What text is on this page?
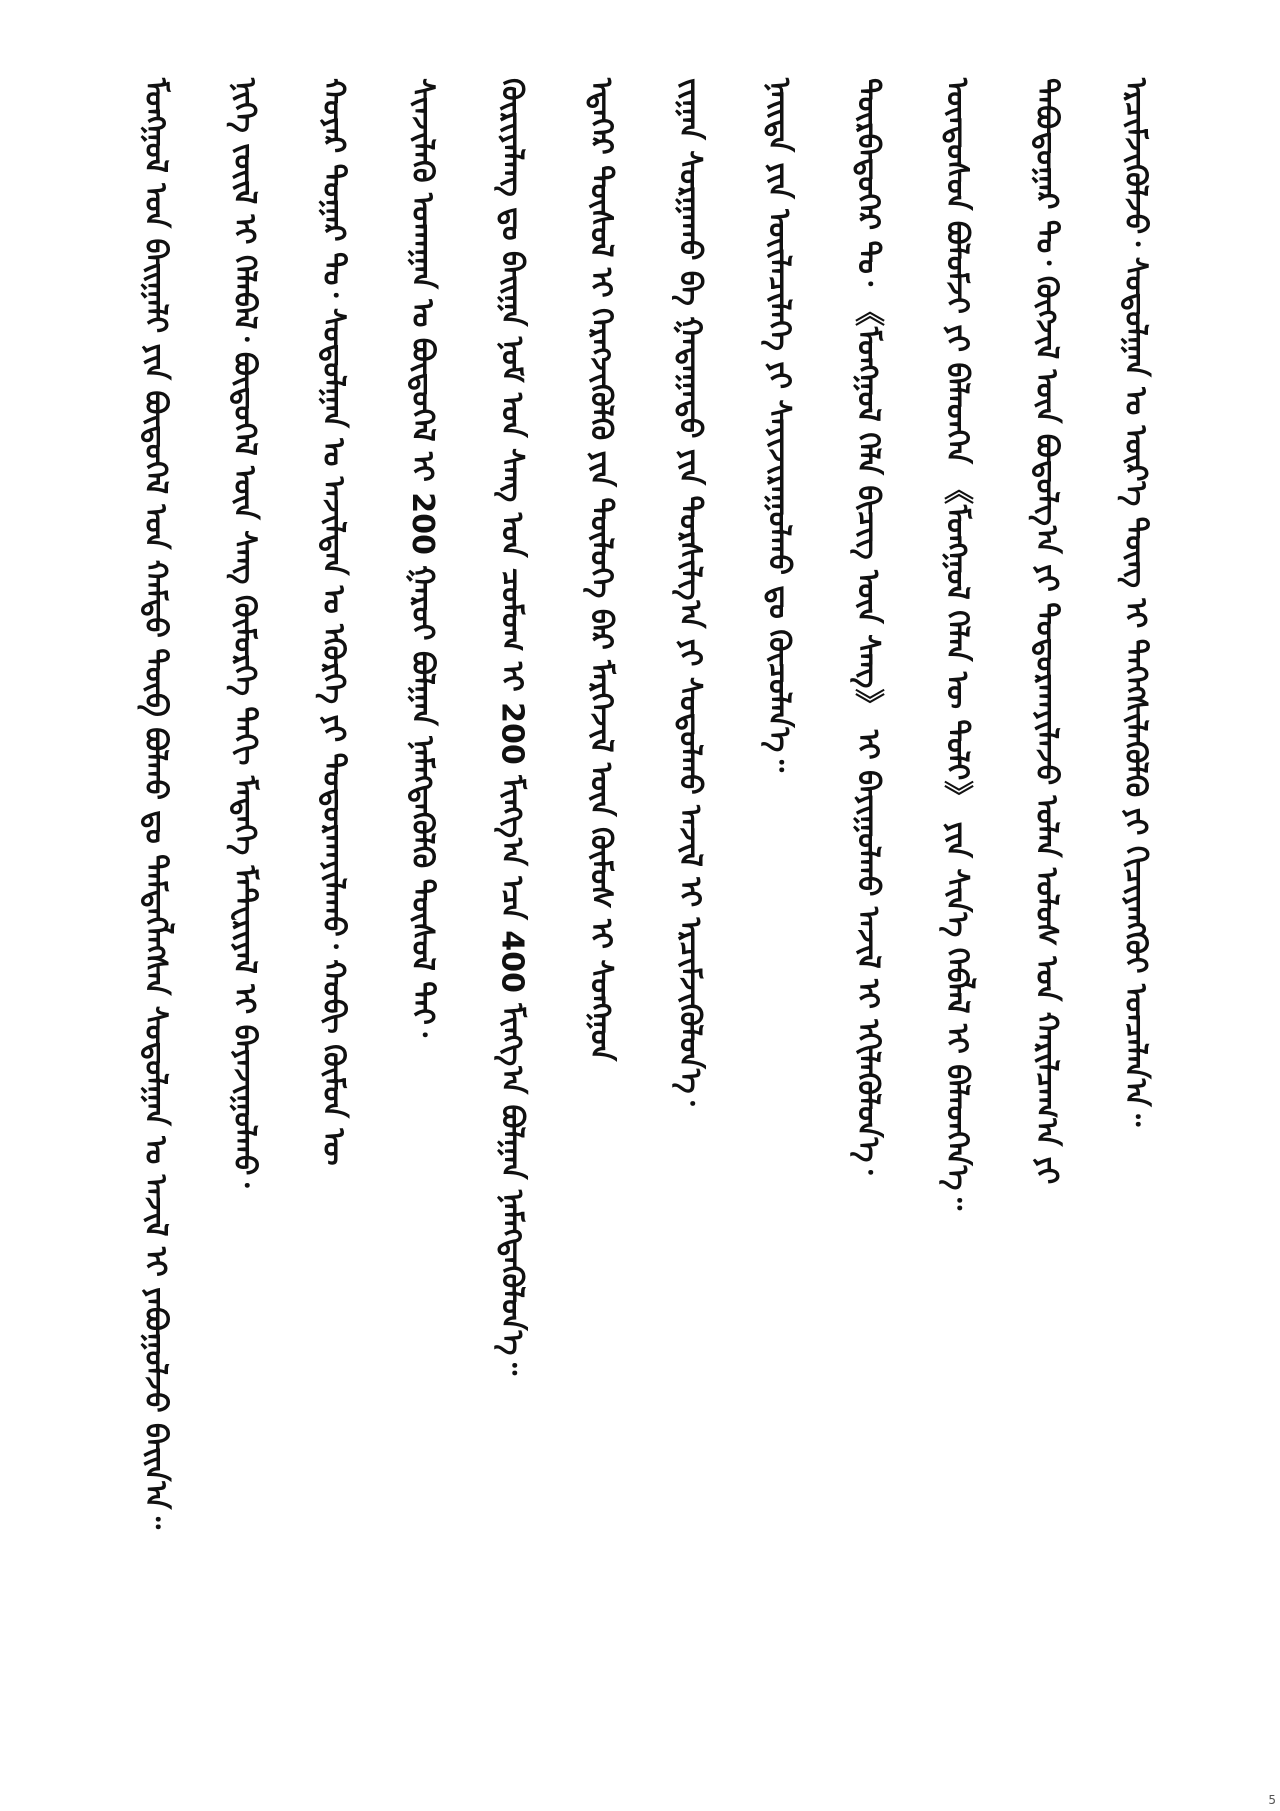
ᠮᠣᠩᠭᠣᠯ ᠤᠨ ᠪᠠᠢ᠌ᠭᠠᠯᠢ ᠶᠢᠨ ᠪᠦᠲᠦᠭᠡᠯ ᠤᠨ ᠬᠠᠮᠲᠤ ᠲᠥᠪ ᠪᠣᠯᠬᠤ ᠳᠤ ᠲᠡᠮᠳᠡᠭᠯᠡᠭᠰᠡᠨ ᠰᠤᠳᠤᠯᠭᠠᠨ ᠤ ᠠᠵᠢᠯ ᠢ ᠶᠠᠪᠤᠭᠤᠯᠵᠤ ᠪᠠᠢ᠌ᠨ᠎ᠠ᠃ ᠨᠢᠭᠡ ᠵᠦᠢᠯ ᠢ ᠬᠡᠯᠡᠪᠡᠯ᠂ ᠪᠦᠲᠦᠭᠡᠯ ᠦᠨ ᠰᠠᠩ ᠬᠥᠮᠦᠷᠭᠡ ᠳᠠᠬᠢ ᠮᠡᠳᠡᠭᠡ ᠮᠠᠲ᠋ᠧᠷᠢᠶᠠᠯ ᠢ ᠪᠠᠶᠠᠵᠢᠭᠤᠯᠬᠤ᠂ ᠬᠣᠶᠠᠷ ᠳᠤᠭᠠᠷ ᠲᠤ᠂ ᠰᠤᠳᠤᠯᠭᠠᠨ ᠤ ᠠᠵᠢᠯᠲᠠᠨ ᠤ ᠡᠭᠦᠷᠭᠡ ᠶᠢ ᠲᠣᠳᠤᠷᠬᠠᠶᠢᠯᠠᠬᠤ᠂ ᠬᠤᠪᠢ ᠬᠦᠮᠦᠨ ᠦ ᠰᠢᠨᠵᠢᠯᠡᠬᠦ ᠤᠬᠠᠭᠠᠨ ᠤ ᠪᠦᠲᠦᠭᠡᠯ ᠢ 200 ᠭᠠᠷᠤᠢ ᠪᠣᠯᠭᠠᠨ ᠨᠡᠮᠡᠭᠳᠡᠭᠦᠯᠬᠦ ᠲᠥᠰᠥᠯ ᠲᠠᠢ᠂ ᠬᠦᠷᠢᠶᠡᠯᠡᠩ ᠳᠤ ᠪᠠᠢ᠌ᠭᠠ ᠨᠣᠮ ᠤᠨ ᠰᠠᠩ ᠤᠨ ᠴᠣᠮᠣᠭ ᠢ 200 ᠮᠢᠩᠭ᠎ᠠ ᠡᠴᠡ 400 ᠮᠢᠩᠭ᠎ᠠ ᠪᠣᠯᠭᠠᠨ ᠨᠡᠮᠡᠭᠳᠡᠭᠦᠯᠦᠨ᠎ᠡ᠃ ᠡᠳᠡᠭᠡᠷ ᠲᠥᠰᠥᠯ ᠢ ᠬᠡᠷᠡᠭᠵᠢᠭᠦᠯᠬᠦ ᠶᠢᠨ ᠲᠥᠯᠦᠭᠡ ᠪᠠᠷ ᠮᠡᠷᠭᠡᠵᠢᠯ ᠦᠨ ᠬᠦᠮᠦᠰ ᠢ ᠰᠣᠩᠭᠣᠨ ᠵᠢᠭᠠᠨ ᠰᠤᠷᠭᠠᠬᠤ ᠪᠠ ᠭᠠᠳᠠᠭᠠᠳᠤ ᠶᠢᠨ ᠲᠤᠷᠰᠢᠯᠭ᠎ᠠ ᠶᠢ ᠰᠤᠳᠤᠯᠬᠤ ᠠᠵᠢᠯ ᠢ ᠡᠷᠴᠢᠮᠵᠢᠭᠦᠯᠦᠨ᠎ᠡ᠂ ᠨᠡᠢ᠌ᠲᠡ ᠶᠢᠨ ᠦᠢᠯᠡᠴᠢᠯᠡᠭᠡ ᠶᠢ ᠰᠠᠶᠢᠵᠢᠷᠠᠭᠤᠯᠬᠤ ᠳᠤ ᠬᠦᠴᠦᠯᠡᠨ᠎ᠡ᠃ ᠳᠥᠷᠪᠡᠳᠦᠭᠡᠷ ᠲᠤ᠂ 《ᠮᠣᠩᠭᠣᠯ ᠬᠡᠯᠡ ᠪᠢᠴᠢᠭ ᠦᠨ ᠰᠠᠩ》 ᠢ ᠪᠠᠶᠢᠭᠤᠯᠬᠤ ᠠᠵᠢᠯ ᠢ ᠡᠬᠢᠯᠡᠭᠦᠯᠦᠨ᠎ᠡ᠂ ᠦᠨᠳᠦᠰᠦᠨ ᠪᠣᠯᠣᠮᠵᠢ ᠶᠢ ᠪᠡᠯᠡᠳᠬᠡᠨ 《ᠮᠣᠩᠭᠣᠯ ᠬᠡᠯᠡᠨ ᠦ ᠲᠣᠯᠢ》 ᠶᠢᠨ ᠰᠢᠨ᠎ᠡ ᠬᠡᠪᠯᠡᠯ ᠢ ᠪᠡᠯᠡᠳᠬᠡᠨ᠎ᠡ᠃ ᠲᠠᠪᠤᠳᠤᠭᠠᠷ ᠲᠤ᠂ ᠬᠥᠭᠵᠢᠯ ᠦᠨ ᠪᠤᠳᠤᠯᠭ᠎ᠠ ᠶᠢ ᠲᠣᠳᠤᠷᠬᠠᠶᠢᠯᠠᠵᠤ ᠣᠯᠠᠨ ᠤᠯᠤᠰ ᠤᠨ ᠬᠠᠷᠢᠯᠴᠠᠭ᠎ᠠ ᠶᠢ ᠡᠷᠴᠢᠮᠵᠢᠭᠦᠯᠵᠦ᠂ ᠰᠤᠳᠤᠯᠭᠠᠨ ᠤ ᠦᠷ᠎ᠡ ᠳᠦᠩ ᠢ ᠳᠡᠭᠡᠭᠰᠢᠯᠡᠭᠦᠯᠬᠦ ᠶᠢ ᠬᠢᠴᠢᠶᠡᠩᠭᠦᠢ ᠣᠨᠴᠠᠯᠠᠨ᠎ᠠ᠃
5
